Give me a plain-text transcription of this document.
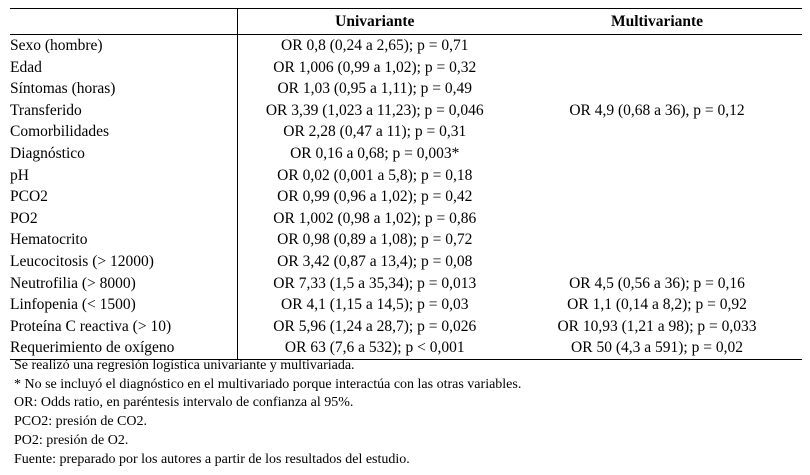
	Univariante	Multivariante
Sexo (hombre)	OR 0,8 (0,24 a 2,65); p = 0,71	
Edad	OR 1,006 (0,99 a 1,02); p = 0,32	
Síntomas (horas)	OR 1,03 (0,95 a 1,11); p = 0,49	
Transferido	OR 3,39 (1,023 a 11,23); p = 0,046	OR 4,9 (0,68 a 36), p = 0,12
Comorbilidades	OR 2,28 (0,47 a 11); p = 0,31	
Diagnóstico	OR 0,16 a 0,68; p = 0,003*	
pH	OR 0,02 (0,001 a 5,8); p = 0,18	
PCO2	OR 0,99 (0,96 a 1,02); p = 0,42	
PO2	OR 1,002 (0,98 a 1,02); p = 0,86	
Hematocrito	OR 0,98 (0,89 a 1,08); p = 0,72	
Leucocitosis (> 12000)	OR 3,42 (0,87 a 13,4); p = 0,08	
Neutrofilia (> 8000)	OR 7,33 (1,5 a 35,34); p = 0,013	OR 4,5 (0,56 a 36); p = 0,16
Linfopenia (< 1500)	OR 4,1 (1,15 a 14,5); p = 0,03	OR 1,1 (0,14 a 8,2); p = 0,92
Proteína C reactiva (> 10)	OR 5,96 (1,24 a 28,7); p = 0,026	OR 10,93 (1,21 a 98); p = 0,033
Requerimiento de oxígeno	OR 63 (7,6 a 532); p < 0,001	OR 50 (4,3 a 591); p = 0,02
Se realizó una regresión logística univariante y multivariada.
* No se incluyó el diagnóstico en el multivariado porque interactúa con las otras variables.
OR: Odds ratio, en paréntesis intervalo de confianza al 95%.
PCO2: presión de CO2.
PO2: presión de O2.
Fuente: preparado por los autores a partir de los resultados del estudio.
